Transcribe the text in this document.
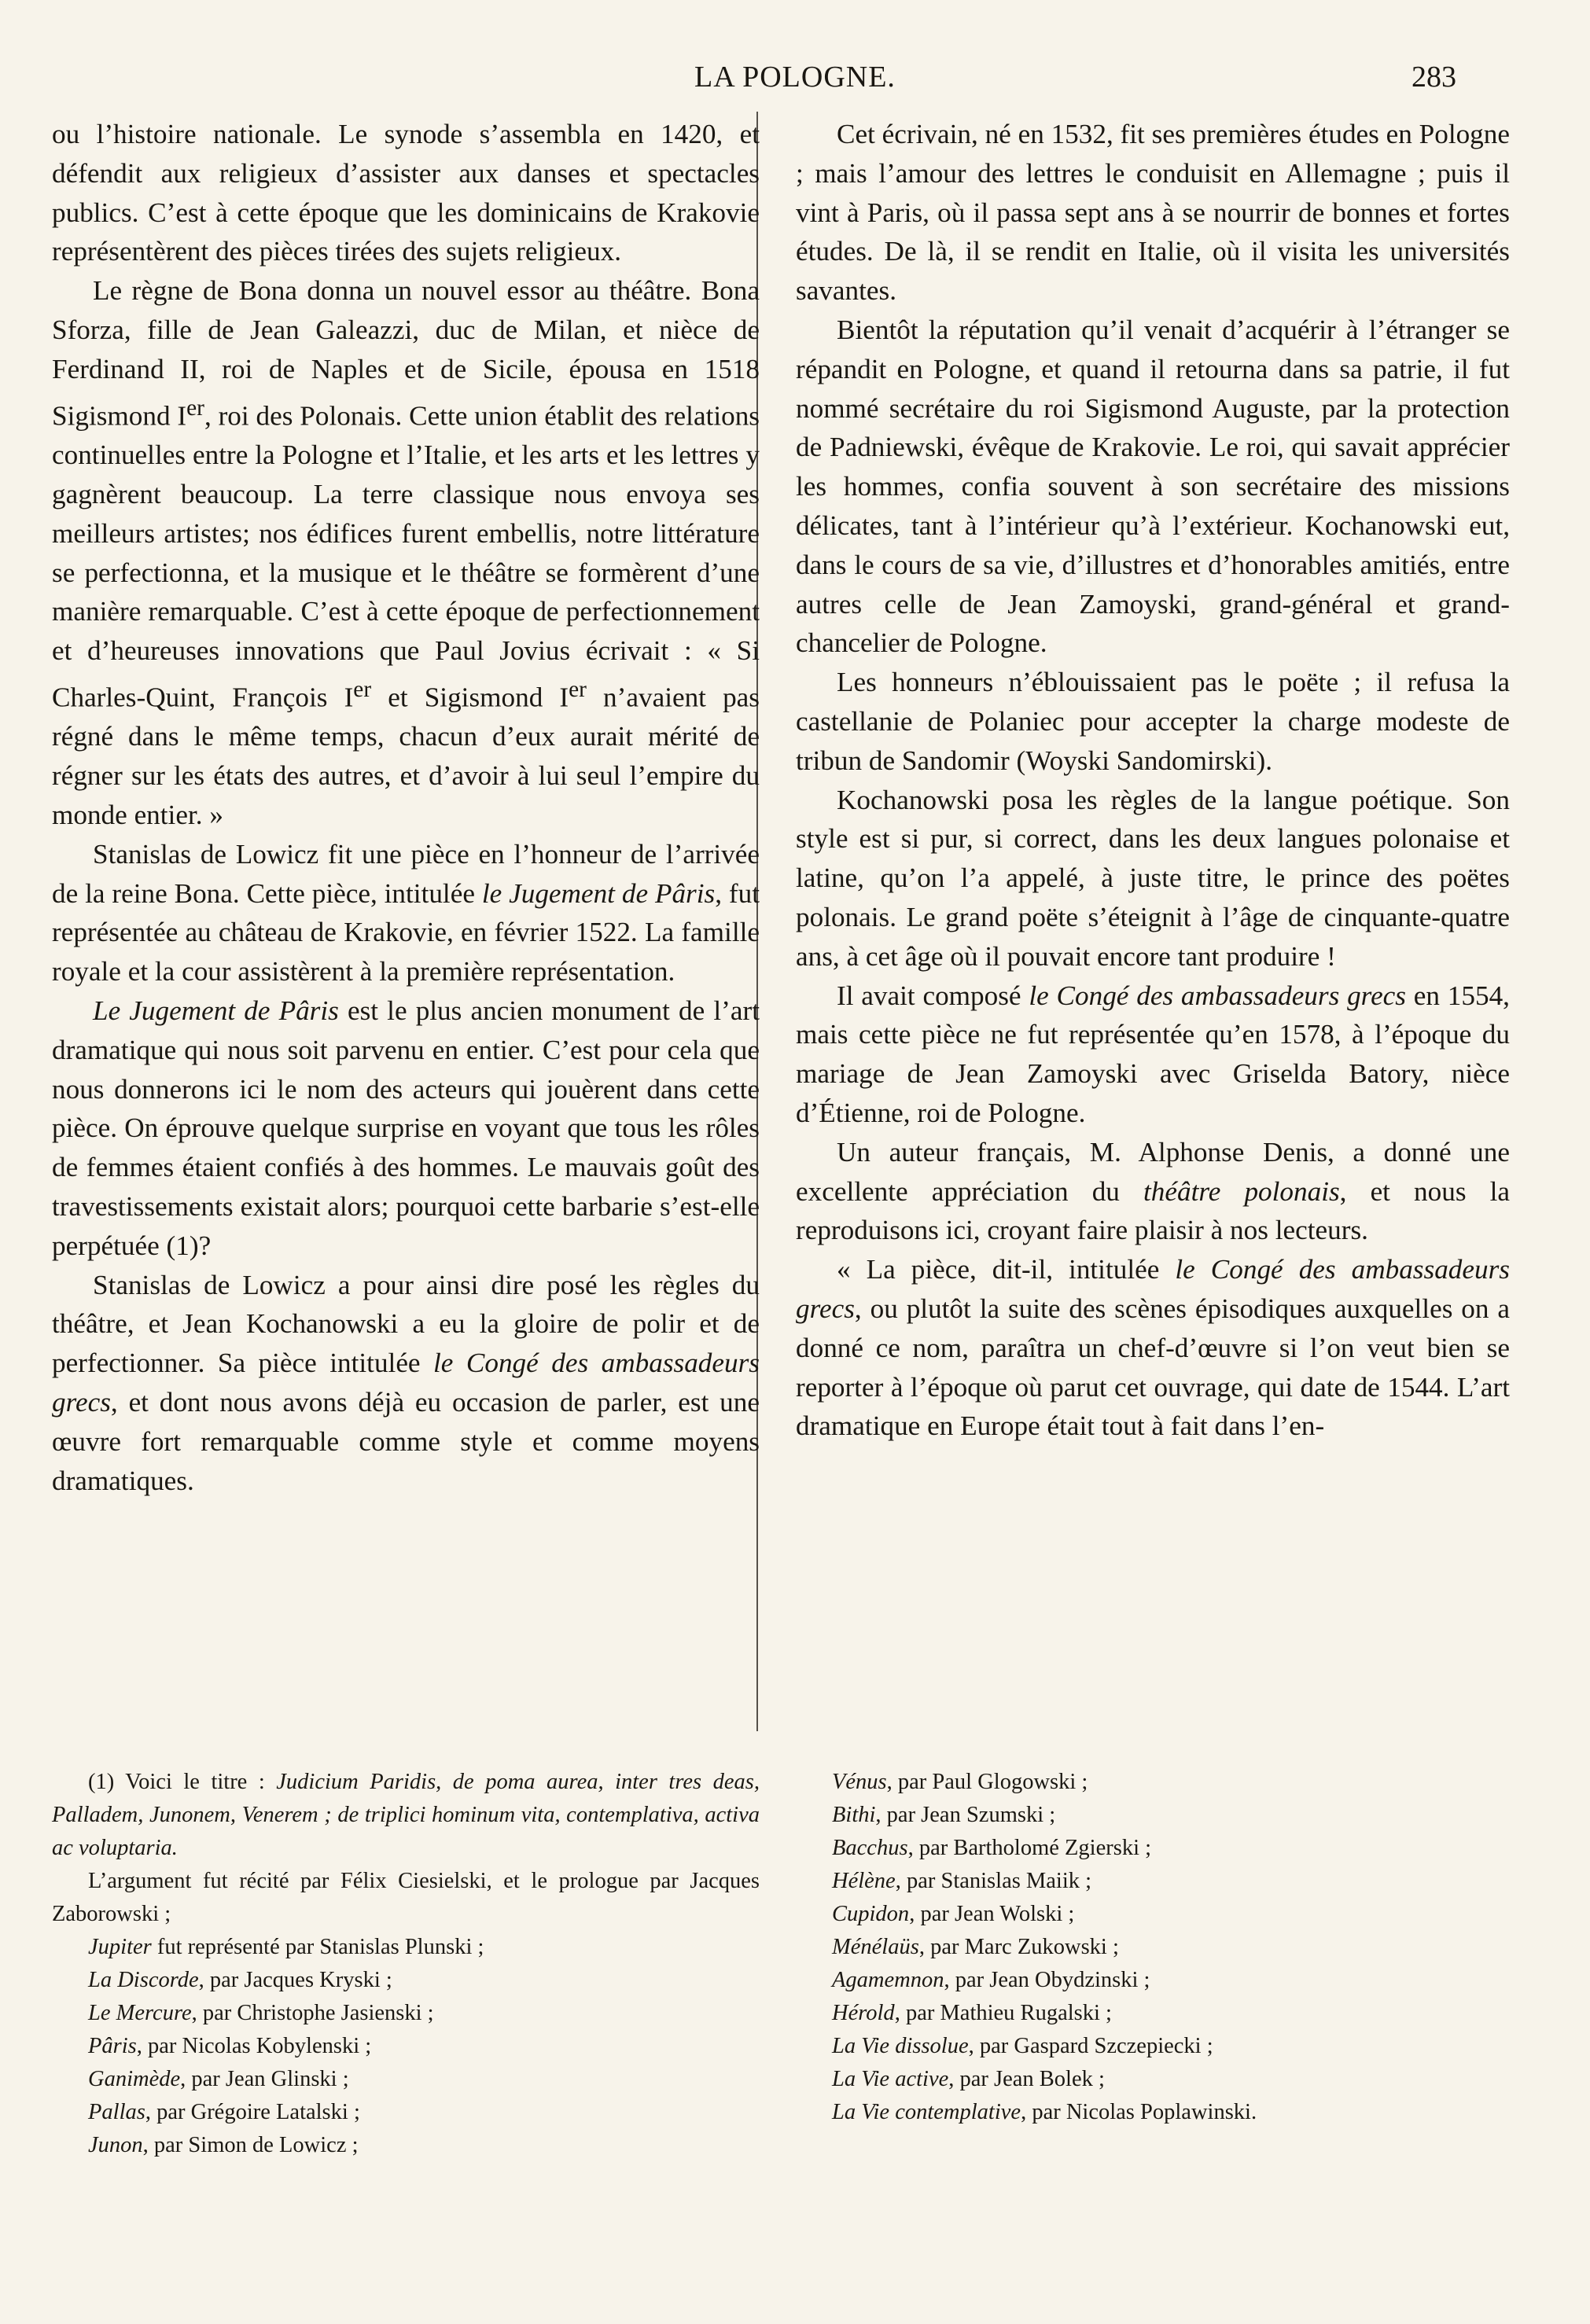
LA POLOGNE.	283

ou l’histoire nationale. Le synode s’assembla en 1420, et défendit aux religieux d’assister aux danses et spectacles publics. C’est à cette époque que les dominicains de Krakovie représentèrent des pièces tirées des sujets religieux.

Le règne de Bona donna un nouvel essor au théâtre. Bona Sforza, fille de Jean Galeazzi, duc de Milan, et nièce de Ferdinand II, roi de Naples et de Sicile, épousa en 1518 Sigismond Ier, roi des Polonais. Cette union établit des relations continuelles entre la Pologne et l’Italie, et les arts et les lettres y gagnèrent beaucoup. La terre classique nous envoya ses meilleurs artistes; nos édifices furent embellis, notre littérature se perfectionna, et la musique et le théâtre se formèrent d’une manière remarquable. C’est à cette époque de perfectionnement et d’heureuses innovations que Paul Jovius écrivait : « Si Charles-Quint, François Ier et Sigismond Ier n’avaient pas régné dans le même temps, chacun d’eux aurait mérité de régner sur les états des autres, et d’avoir à lui seul l’empire du monde entier. »

Stanislas de Lowicz fit une pièce en l’honneur de l’arrivée de la reine Bona. Cette pièce, intitulée le Jugement de Pâris, fut représentée au château de Krakovie, en février 1522. La famille royale et la cour assistèrent à la première représentation.

Le Jugement de Pâris est le plus ancien monument de l’art dramatique qui nous soit parvenu en entier. C’est pour cela que nous donnerons ici le nom des acteurs qui jouèrent dans cette pièce. On éprouve quelque surprise en voyant que tous les rôles de femmes étaient confiés à des hommes. Le mauvais goût des travestissements existait alors; pourquoi cette barbarie s’est-elle perpétuée (1)?

Stanislas de Lowicz a pour ainsi dire posé les règles du théâtre, et Jean Kochanowski a eu la gloire de polir et de perfectionner. Sa pièce intitulée le Congé des ambassadeurs grecs, et dont nous avons déjà eu occasion de parler, est une œuvre fort remarquable comme style et comme moyens dramatiques.

Cet écrivain, né en 1532, fit ses premières études en Pologne ; mais l’amour des lettres le conduisit en Allemagne ; puis il vint à Paris, où il passa sept ans à se nourrir de bonnes et fortes études. De là, il se rendit en Italie, où il visita les universités savantes.

Bientôt la réputation qu’il venait d’acquérir à l’étranger se répandit en Pologne, et quand il retourna dans sa patrie, il fut nommé secrétaire du roi Sigismond Auguste, par la protection de Padniewski, évêque de Krakovie. Le roi, qui savait apprécier les hommes, confia souvent à son secrétaire des missions délicates, tant à l’intérieur qu’à l’extérieur. Kochanowski eut, dans le cours de sa vie, d’illustres et d’honorables amitiés, entre autres celle de Jean Zamoyski, grand-général et grand-chancelier de Pologne.

Les honneurs n’éblouissaient pas le poëte ; il refusa la castellanie de Polaniec pour accepter la charge modeste de tribun de Sandomir (Woyski Sandomirski).

Kochanowski posa les règles de la langue poétique. Son style est si pur, si correct, dans les deux langues polonaise et latine, qu’on l’a appelé, à juste titre, le prince des poëtes polonais. Le grand poëte s’éteignit à l’âge de cinquante-quatre ans, à cet âge où il pouvait encore tant produire !

Il avait composé le Congé des ambassadeurs grecs en 1554, mais cette pièce ne fut représentée qu’en 1578, à l’époque du mariage de Jean Zamoyski avec Griselda Batory, nièce d’Étienne, roi de Pologne.

Un auteur français, M. Alphonse Denis, a donné une excellente appréciation du théâtre polonais, et nous la reproduisons ici, croyant faire plaisir à nos lecteurs.

« La pièce, dit-il, intitulée le Congé des ambassadeurs grecs, ou plutôt la suite des scènes épisodiques auxquelles on a donné ce nom, paraîtra un chef-d’œuvre si l’on veut bien se reporter à l’époque où parut cet ouvrage, qui date de 1544. L’art dramatique en Europe était tout à fait dans l’en-

(1) Voici le titre : Judicium Paridis, de poma aurea, inter tres deas, Palladem, Junonem, Venerem ; de triplici hominum vita, contemplativa, activa ac voluptaria.

L’argument fut récité par Félix Ciesielski, et le prologue par Jacques Zaborowski ;

Jupiter fut représenté par Stanislas Plunski ;

La Discorde, par Jacques Kryski ;

Le Mercure, par Christophe Jasienski ;

Pâris, par Nicolas Kobylenski ;

Ganimède, par Jean Glinski ;

Pallas, par Grégoire Latalski ;

Junon, par Simon de Lowicz ;

Vénus, par Paul Glogowski ;

Bithi, par Jean Szumski ;

Bacchus, par Bartholomé Zgierski ;

Hélène, par Stanislas Maiik ;

Cupidon, par Jean Wolski ;

Ménélaüs, par Marc Zukowski ;

Agamemnon, par Jean Obydzinski ;

Hérold, par Mathieu Rugalski ;

La Vie dissolue, par Gaspard Szczepiecki ;

La Vie active, par Jean Bolek ;

La Vie contemplative, par Nicolas Poplawinski.
